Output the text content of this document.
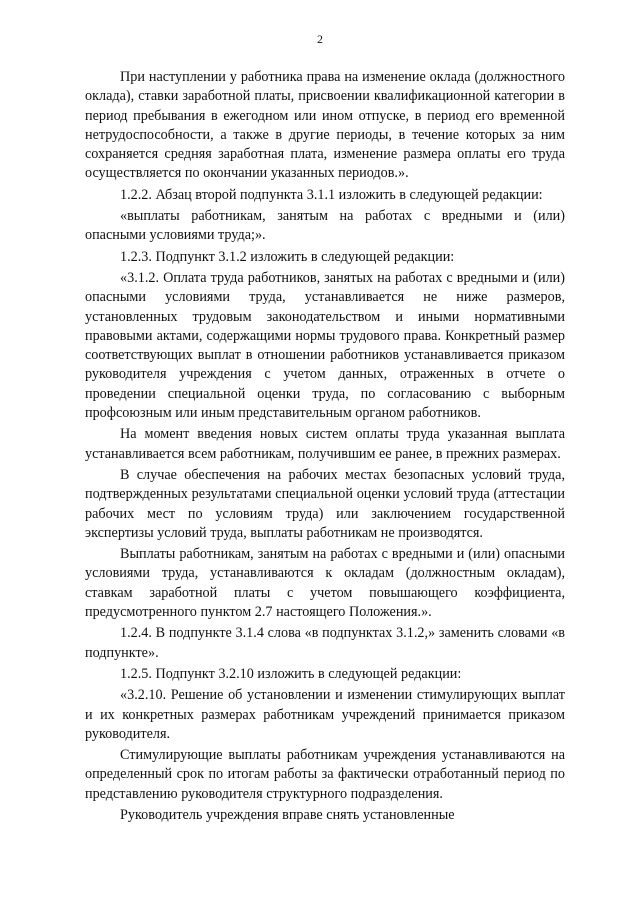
2

При наступлении у работника права на изменение оклада (должностного оклада), ставки заработной платы, присвоении квалификационной категории в период пребывания в ежегодном или ином отпуске, в период его временной нетрудоспособности, а также в другие периоды, в течение которых за ним сохраняется средняя заработная плата, изменение размера оплаты его труда осуществляется по окончании указанных периодов.».

1.2.2. Абзац второй подпункта 3.1.1 изложить в следующей редакции:

«выплаты работникам, занятым на работах с вредными и (или) опасными условиями труда;».

1.2.3. Подпункт 3.1.2 изложить в следующей редакции:

«3.1.2. Оплата труда работников, занятых на работах с вредными и (или) опасными условиями труда, устанавливается не ниже размеров, установленных трудовым законодательством и иными нормативными правовыми актами, содержащими нормы трудового права. Конкретный размер соответствующих выплат в отношении работников устанавливается приказом руководителя учреждения с учетом данных, отраженных в отчете о проведении специальной оценки труда, по согласованию с выборным профсоюзным или иным представительным органом работников.

На момент введения новых систем оплаты труда указанная выплата устанавливается всем работникам, получившим ее ранее, в прежних размерах.

В случае обеспечения на рабочих местах безопасных условий труда, подтвержденных результатами специальной оценки условий труда (аттестации рабочих мест по условиям труда) или заключением государственной экспертизы условий труда, выплаты работникам не производятся.

Выплаты работникам, занятым на работах с вредными и (или) опасными условиями труда, устанавливаются к окладам (должностным окладам), ставкам заработной платы с учетом повышающего коэффициента, предусмотренного пунктом 2.7 настоящего Положения.».

1.2.4. В подпункте 3.1.4 слова «в подпунктах 3.1.2,» заменить словами «в подпункте».

1.2.5. Подпункт 3.2.10 изложить в следующей редакции:

«3.2.10. Решение об установлении и изменении стимулирующих выплат и их конкретных размерах работникам учреждений принимается приказом руководителя.

Стимулирующие выплаты работникам учреждения устанавливаются на определенный срок по итогам работы за фактически отработанный период по представлению руководителя структурного подразделения.

Руководитель учреждения вправе снять установленные
